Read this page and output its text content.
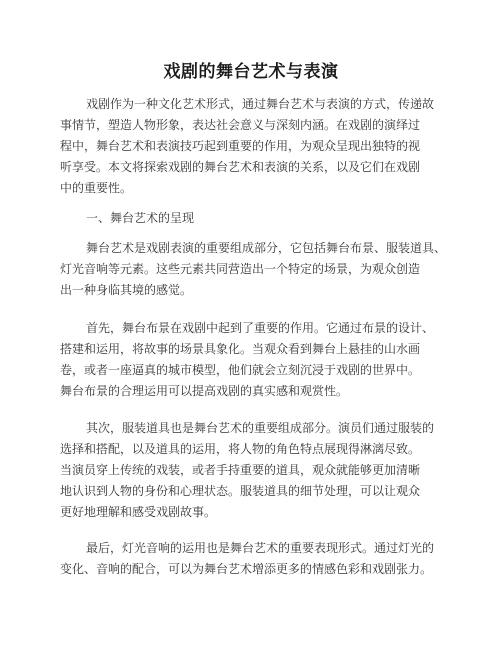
戏剧的舞台艺术与表演
戏剧作为一种文化艺术形式，通过舞台艺术与表演的方式，传递故
事情节，塑造人物形象，表达社会意义与深刻内涵。在戏剧的演绎过
程中，舞台艺术和表演技巧起到重要的作用，为观众呈现出独特的视
听享受。本文将探索戏剧的舞台艺术和表演的关系，以及它们在戏剧
中的重要性。
一、舞台艺术的呈现
舞台艺术是戏剧表演的重要组成部分，它包括舞台布景、服装道具、
灯光音响等元素。这些元素共同营造出一个特定的场景，为观众创造
出一种身临其境的感觉。
首先，舞台布景在戏剧中起到了重要的作用。它通过布景的设计、
搭建和运用，将故事的场景具象化。当观众看到舞台上悬挂的山水画
卷，或者一座逼真的城市模型，他们就会立刻沉浸于戏剧的世界中。
舞台布景的合理运用可以提高戏剧的真实感和观赏性。
其次，服装道具也是舞台艺术的重要组成部分。演员们通过服装的
选择和搭配，以及道具的运用，将人物的角色特点展现得淋漓尽致。
当演员穿上传统的戏装，或者手持重要的道具，观众就能够更加清晰
地认识到人物的身份和心理状态。服装道具的细节处理，可以让观众
更好地理解和感受戏剧故事。
最后，灯光音响的运用也是舞台艺术的重要表现形式。通过灯光的
变化、音响的配合，可以为舞台艺术增添更多的情感色彩和戏剧张力。
